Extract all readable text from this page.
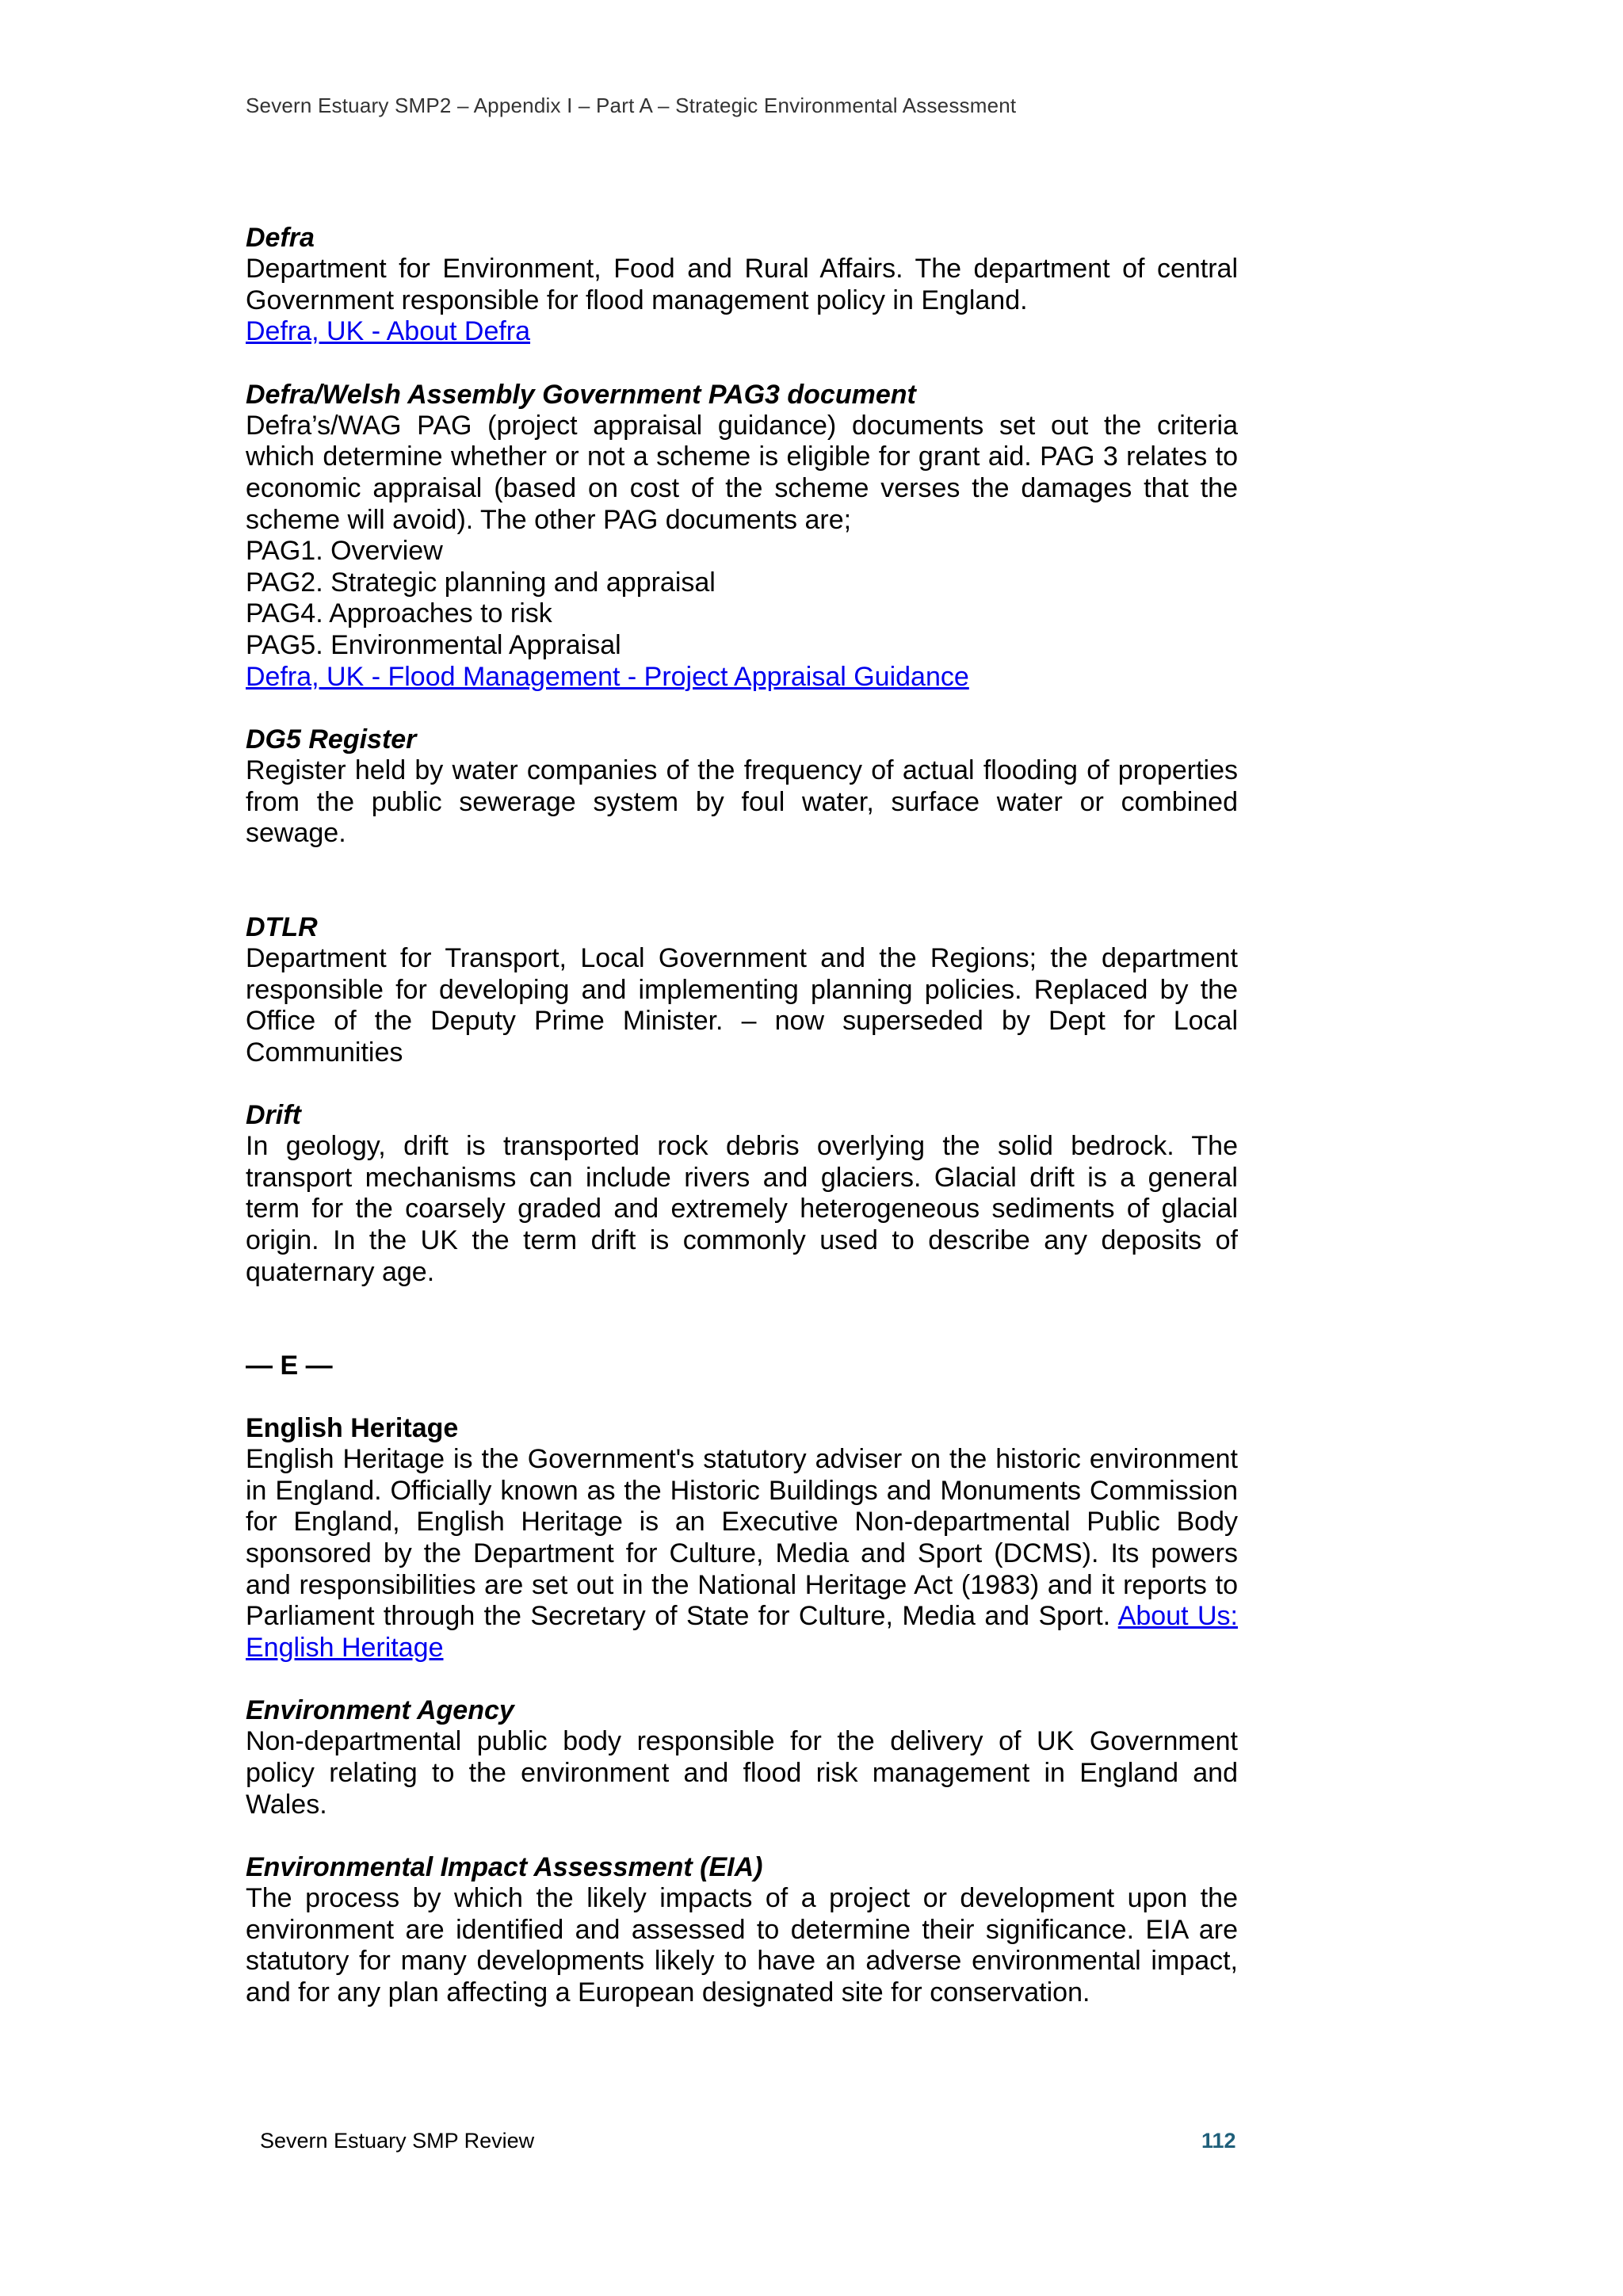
Severn Estuary SMP2 – Appendix I – Part A – Strategic Environmental Assessment
Defra
Department for Environment, Food and Rural Affairs. The department of central Government responsible for flood management policy in England.
Defra, UK - About Defra
Defra/Welsh Assembly Government PAG3 document
Defra’s/WAG PAG (project appraisal guidance) documents set out the criteria which determine whether or not a scheme is eligible for grant aid. PAG 3 relates to economic appraisal (based on cost of the scheme verses the damages that the scheme will avoid). The other PAG documents are;
PAG1. Overview
PAG2. Strategic planning and appraisal
PAG4. Approaches to risk
PAG5. Environmental Appraisal
Defra, UK - Flood Management - Project Appraisal Guidance
DG5 Register
Register held by water companies of the frequency of actual flooding of properties from the public sewerage system by foul water, surface water or combined sewage.
DTLR
Department for Transport, Local Government and the Regions; the department responsible for developing and implementing planning policies. Replaced by the Office of the Deputy Prime Minister. – now superseded by Dept for Local Communities
Drift
In geology, drift is transported rock debris overlying the solid bedrock. The transport mechanisms can include rivers and glaciers. Glacial drift is a general term for the coarsely graded and extremely heterogeneous sediments of glacial origin. In the UK the term drift is commonly used to describe any deposits of quaternary age.
— E —
English Heritage
English Heritage is the Government's statutory adviser on the historic environment in England. Officially known as the Historic Buildings and Monuments Commission for England, English Heritage is an Executive Non-departmental Public Body sponsored by the Department for Culture, Media and Sport (DCMS). Its powers and responsibilities are set out in the National Heritage Act (1983) and it reports to Parliament through the Secretary of State for Culture, Media and Sport. About Us: English Heritage
Environment Agency
Non-departmental public body responsible for the delivery of UK Government policy relating to the environment and flood risk management in England and Wales.
Environmental Impact Assessment (EIA)
The process by which the likely impacts of a project or development upon the environment are identified and assessed to determine their significance. EIA are statutory for many developments likely to have an adverse environmental impact, and for any plan affecting a European designated site for conservation.
Severn Estuary SMP Review	112
